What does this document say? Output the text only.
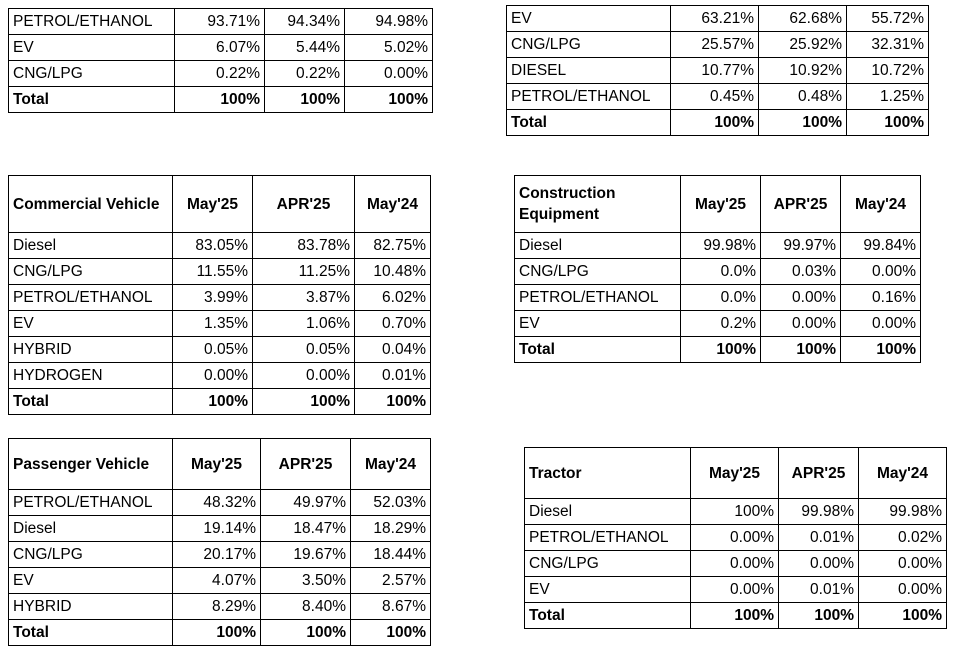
PETROL/ETHANOL	93.71%	94.34%	94.98%
EV	6.07%	5.44%	5.02%
CNG/LPG	0.22%	0.22%	0.00%
Total	100%	100%	100%
EV	63.21%	62.68%	55.72%
CNG/LPG	25.57%	25.92%	32.31%
DIESEL	10.77%	10.92%	10.72%
PETROL/ETHANOL	0.45%	0.48%	1.25%
Total	100%	100%	100%
Commercial Vehicle	May'25	APR'25	May'24
Diesel	83.05%	83.78%	82.75%
CNG/LPG	11.55%	11.25%	10.48%
PETROL/ETHANOL	3.99%	3.87%	6.02%
EV	1.35%	1.06%	0.70%
HYBRID	0.05%	0.05%	0.04%
HYDROGEN	0.00%	0.00%	0.01%
Total	100%	100%	100%
Construction Equipment	May'25	APR'25	May'24
Diesel	99.98%	99.97%	99.84%
CNG/LPG	0.0%	0.03%	0.00%
PETROL/ETHANOL	0.0%	0.00%	0.16%
EV	0.2%	0.00%	0.00%
Total	100%	100%	100%
Passenger Vehicle	May'25	APR'25	May'24
PETROL/ETHANOL	48.32%	49.97%	52.03%
Diesel	19.14%	18.47%	18.29%
CNG/LPG	20.17%	19.67%	18.44%
EV	4.07%	3.50%	2.57%
HYBRID	8.29%	8.40%	8.67%
Total	100%	100%	100%
Tractor	May'25	APR'25	May'24
Diesel	100%	99.98%	99.98%
PETROL/ETHANOL	0.00%	0.01%	0.02%
CNG/LPG	0.00%	0.00%	0.00%
EV	0.00%	0.01%	0.00%
Total	100%	100%	100%
